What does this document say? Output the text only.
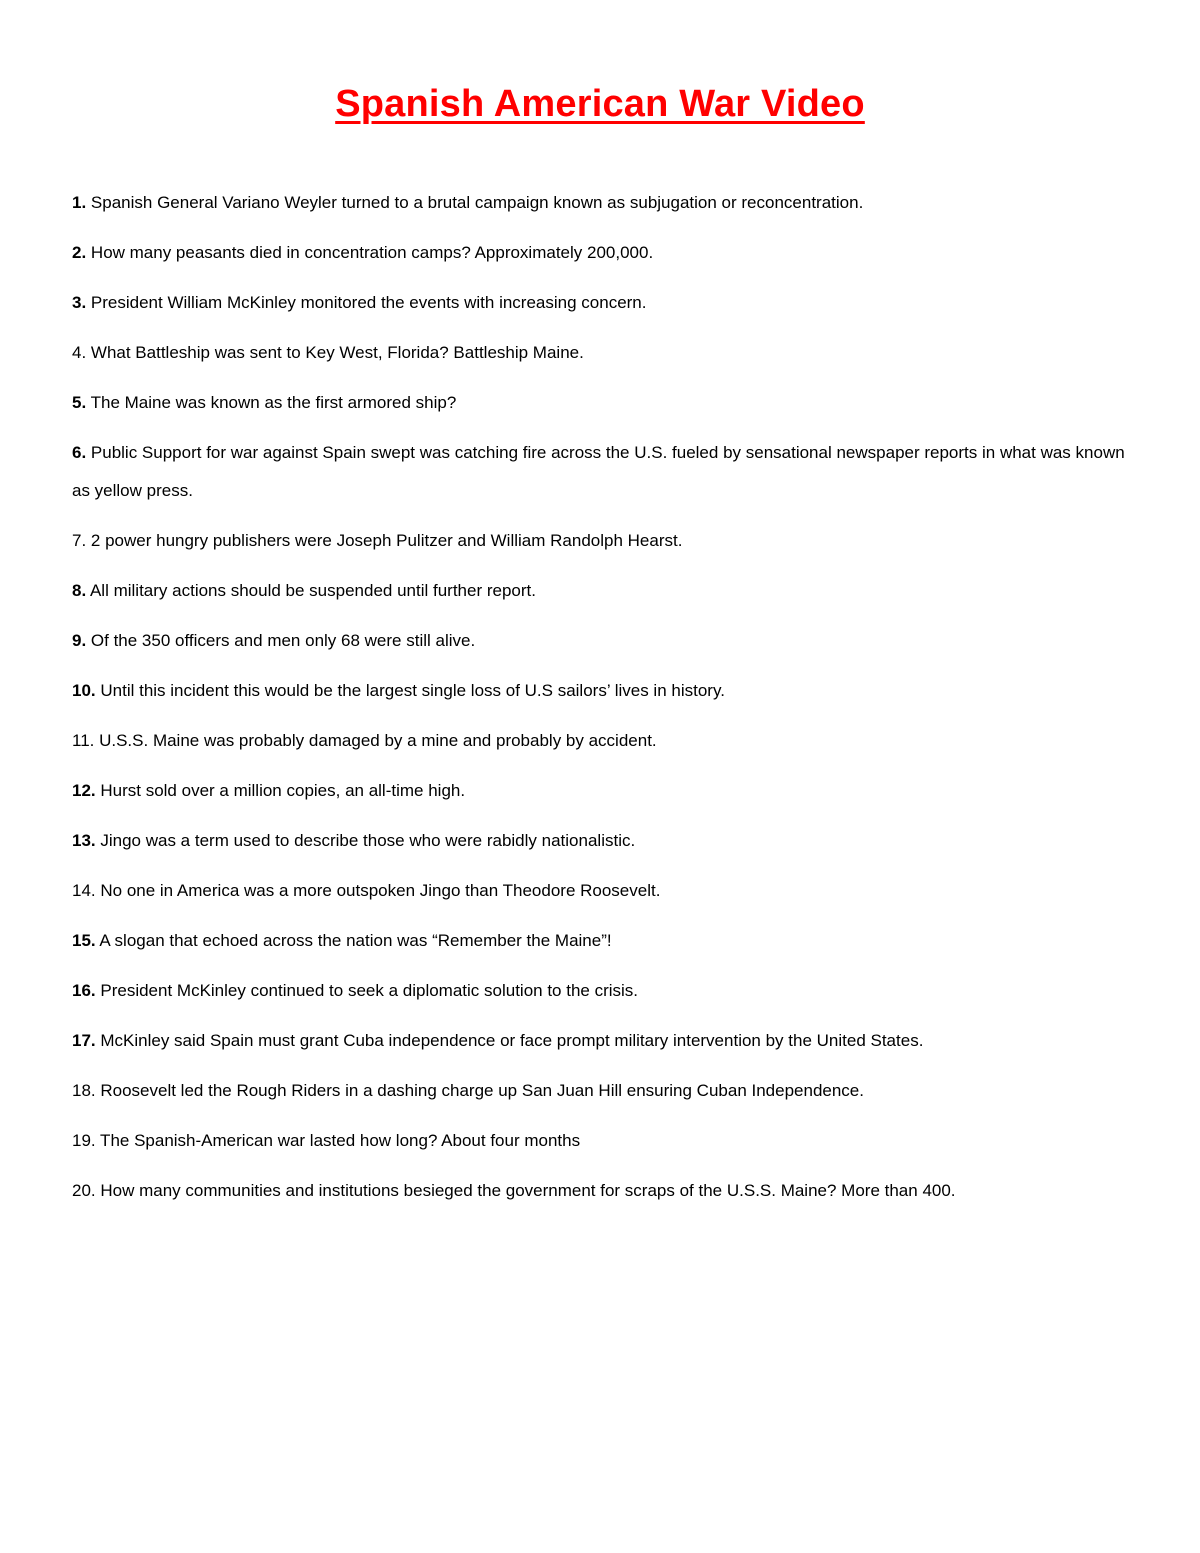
Spanish American War Video
1. Spanish General Variano Weyler turned to a brutal campaign known as subjugation or reconcentration.
2. How many peasants died in concentration camps? Approximately 200,000.
3. President William McKinley monitored the events with increasing concern.
4. What Battleship was sent to Key West, Florida? Battleship Maine.
5. The Maine was known as the first armored ship?
6. Public Support for war against Spain swept was catching fire across the U.S. fueled by sensational newspaper reports in what was known as yellow press.
7. 2 power hungry publishers were Joseph Pulitzer and William Randolph Hearst.
8. All military actions should be suspended until further report.
9. Of the 350 officers and men only 68 were still alive.
10. Until this incident this would be the largest single loss of U.S sailors’ lives in history.
11. U.S.S. Maine was probably damaged by a mine and probably by accident.
12. Hurst sold over a million copies, an all-time high.
13. Jingo was a term used to describe those who were rabidly nationalistic.
14. No one in America was a more outspoken Jingo than Theodore Roosevelt.
15. A slogan that echoed across the nation was “Remember the Maine”!
16. President McKinley continued to seek a diplomatic solution to the crisis.
17. McKinley said Spain must grant Cuba independence or face prompt military intervention by the United States.
18. Roosevelt led the Rough Riders in a dashing charge up San Juan Hill ensuring Cuban Independence.
19. The Spanish-American war lasted how long? About four months
20. How many communities and institutions besieged the government for scraps of the U.S.S. Maine? More than 400.
